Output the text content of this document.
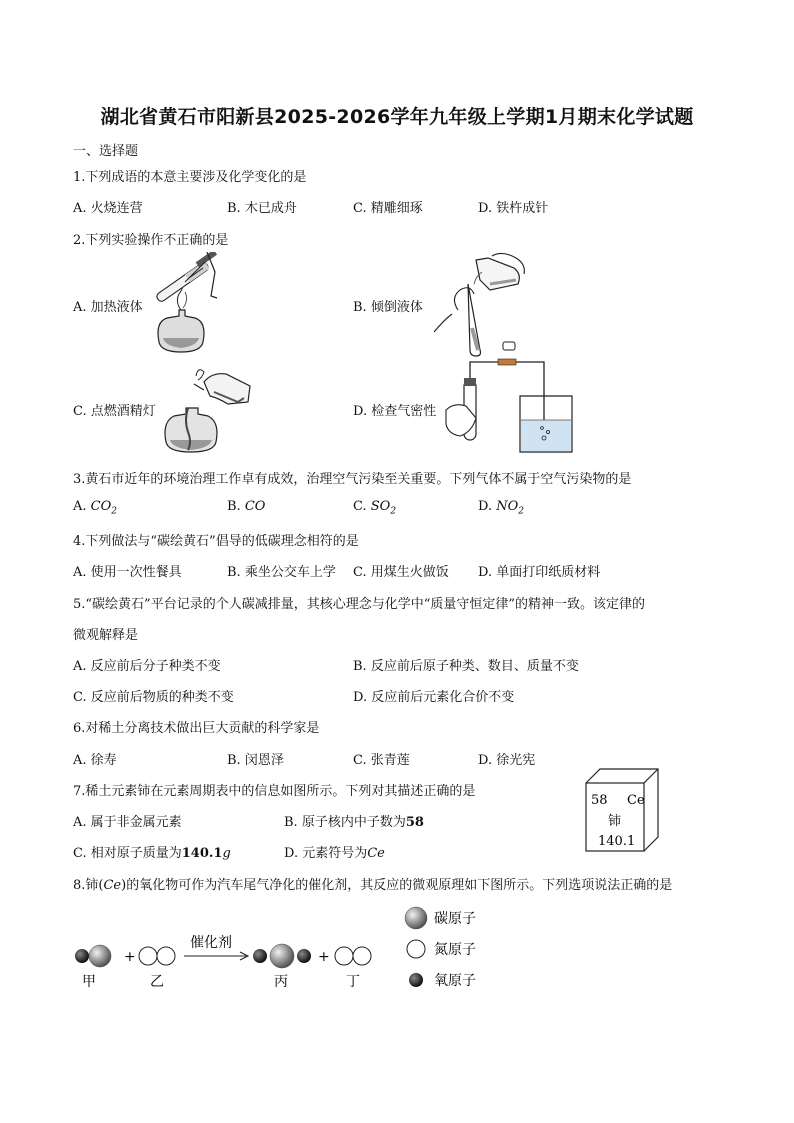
湖北省黄石市阳新县2025-2026学年九年级上学期1月期末化学试题
一、选择题
1.下列成语的本意主要涉及化学变化的是
A. 火烧连营	B. 木已成舟	C. 精雕细琢	D. 铁杵成针
2.下列实验操作不正确的是
A. 加热液体	B. 倾倒液体
C. 点燃酒精灯	D. 检查气密性
3.黄石市近年的环境治理工作卓有成效，治理空气污染至关重要。下列气体不属于空气污染物的是
A. $CO_2$	B. CO	C. $SO_2$	D. $NO_2$
4.下列做法与“碳绘黄石”倡导的低碳理念相符的是
A. 使用一次性餐具	B. 乘坐公交车上学 C. 用煤生火做饭 D. 单面打印纸质材料
5.“碳绘黄石”平台记录的个人碳减排量，其核心理念与化学中“质量守恒定律”的精神一致。该定律的
微观解释是
A. 反应前后分子种类不变	B. 反应前后原子种类、数目、质量不变
C. 反应前后物质的种类不变	D. 反应前后元素化合价不变
6.对稀土分离技术做出巨大贡献的科学家是
A. 徐寿	B. 闵恩泽	C. 张青莲	D. 徐光宪
7.稀土元素铈在元素周期表中的信息如图所示。下列对其描述正确的是
A. 属于非金属元素	B. 原子核内中子数为58
C. 相对原子质量为140.1g	D. 元素符号为Ce
58 Ce
铈
140.1
8.铈(Ce)的氧化物可作为汽车尾气净化的催化剂，其反应的微观原理如下图所示。下列选项说法正确的是
+
催化剂
+
甲	乙	丙	丁
碳原子
氮原子
氧原子
